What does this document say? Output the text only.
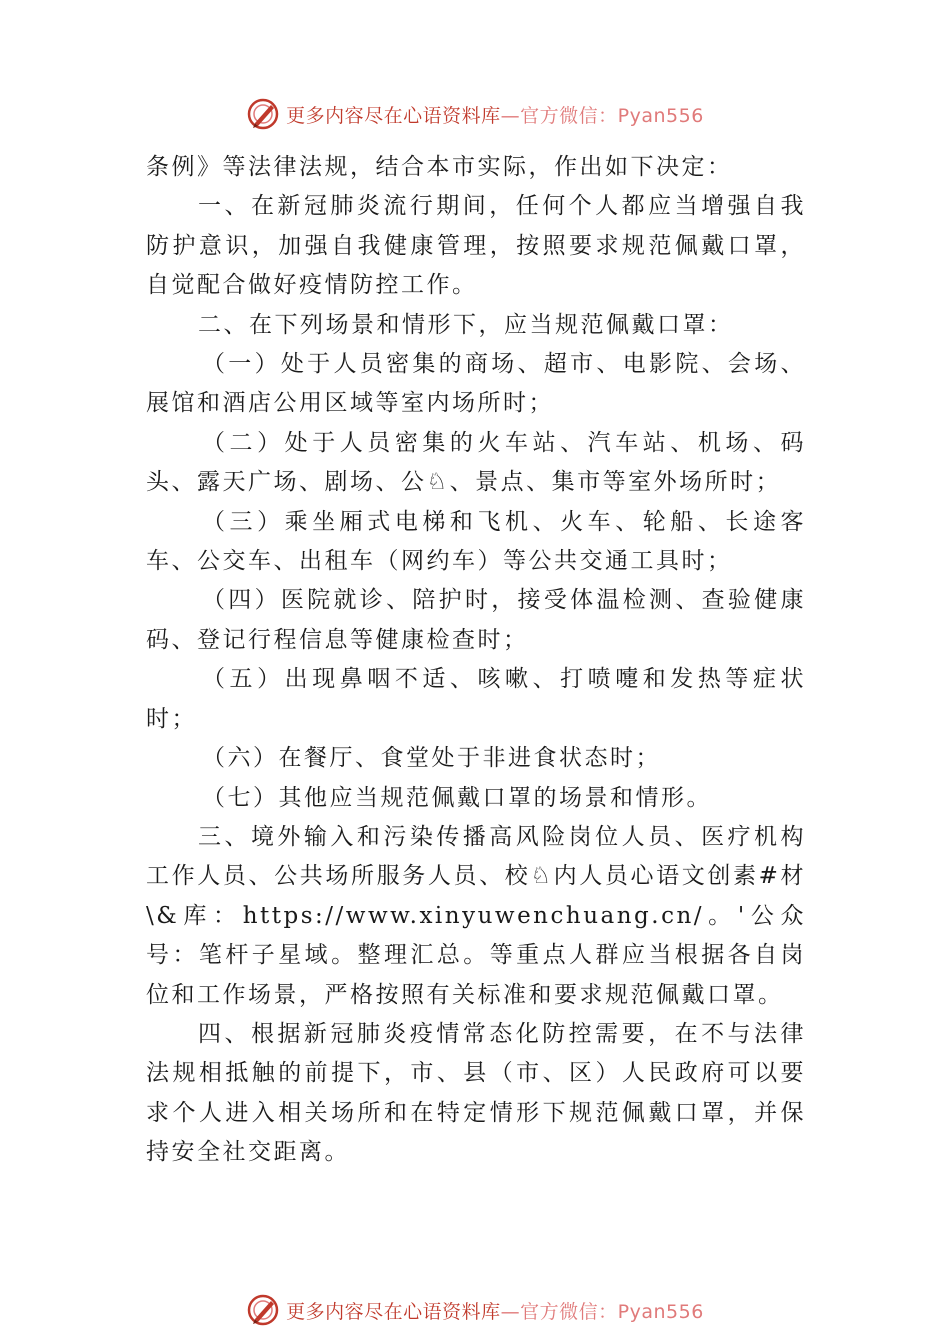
更多内容尽在心语资料库—官方微信：Pyan556

条例》等法律法规，结合本市实际，作出如下决定：

一、在新冠肺炎流行期间，任何个人都应当增强自我防护意识，加强自我健康管理，按照要求规范佩戴口罩，自觉配合做好疫情防控工作。

二、在下列场景和情形下，应当规范佩戴口罩：

（一）处于人员密集的商场、超市、电影院、会场、展馆和酒店公用区域等室内场所时；

（二）处于人员密集的火车站、汽车站、机场、码头、露天广场、剧场、公♘、景点、集市等室外场所时；

（三）乘坐厢式电梯和飞机、火车、轮船、长途客车、公交车、出租车（网约车）等公共交通工具时；

（四）医院就诊、陪护时，接受体温检测、查验健康码、登记行程信息等健康检查时；

（五）出现鼻咽不适、咳嗽、打喷嚏和发热等症状时；

（六）在餐厅、食堂处于非进食状态时；

（七）其他应当规范佩戴口罩的场景和情形。

三、境外输入和污染传播高风险岗位人员、医疗机构工作人员、公共场所服务人员、校♘内人员心语文创素#材\&库：https://www.xinyuwenchuang.cn/。'公众号：笔杆子星域。整理汇总。等重点人群应当根据各自岗位和工作场景，严格按照有关标准和要求规范佩戴口罩。

四、根据新冠肺炎疫情常态化防控需要，在不与法律法规相抵触的前提下，市、县（市、区）人民政府可以要求个人进入相关场所和在特定情形下规范佩戴口罩，并保持安全社交距离。

更多内容尽在心语资料库—官方微信：Pyan556
